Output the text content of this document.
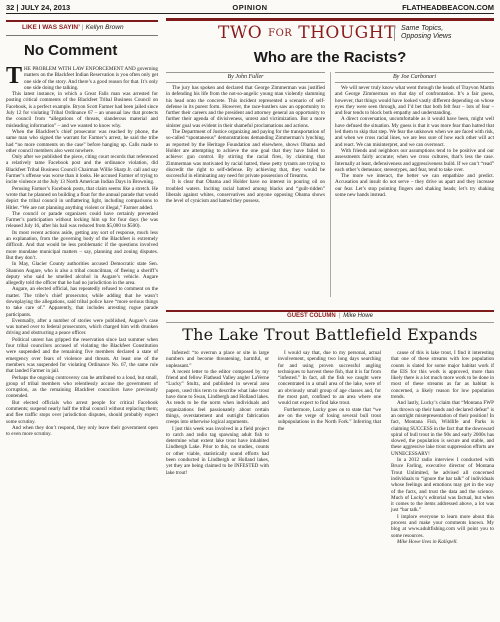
32 | JULY 24, 2013	OPINION	FLATHEADBEACON.COM
LIKE I WAS SAYIN’ | Kellyn Brown
No Comment

THE PROBLEM WITH LAW ENFORCEMENT AND governing matters on the Blackfeet Indian Reservation is you often only get one side of the story. And there’s a good reason for that. It’s only one side doing the talking.

This latest instance, in which a Great Falls man was arrested for posting critical comments of the Blackfeet Tribal Business Council on Facebook, is a perfect example. Bryon Scott Farmer had been jailed since July 12 for violating Tribal Ordinance 67 – an unusual law that protects the council from “allegations of threats, slanderous material and misleading information” – and we wanted to know why.

When the Blackfeet’s chief prosecutor was reached by phone, the same man who signed the warrant for Farmer’s arrest, he said the tribe had “no more comments on the case” before hanging up. Calls made to other council members also went nowhere.

Only after we published the piece, citing court records that referenced a relatively tame Facebook post and the ordinance violation, did Blackfeet Tribal Business Council Chairman Willie Sharp Jr. call and say Farmer’s offense was worse than it looks. He accused Farmer of trying to incite violence at the July 13 North American Indian Days in Browning.

Perusing Farmer’s Facebook posts, that claim seems like a stretch. He wrote that he planned on building a float for the annual parade that would depict the tribal council in unflattering light, including comparisons to Hitler. “We are not planning anything violent or illegal,” Farmer added.

The council or parade organizers could have certainly prevented Farmer’s participation without locking him up for four days (he was released July 16, after his bail was reduced from $5,000 to $500).

Its most recent actions aside, getting any sort of response, much less an explanation, from the governing body of the Blackfeet is extremely difficult. And that would be less problematic if the questions involved more mundane municipal matters – say, planning and zoning disputes. But they don’t.

In May, Glacier County authorities accused Democratic state Sen. Shannon Augare, who is also a tribal councilman, of fleeing a sheriff’s deputy who said he smelled alcohol in Augare’s vehicle. Augare allegedly told the officer that he had no jurisdiction in the area.

Augare, an elected official, has repeatedly refused to comment on the matter. The tribe’s chief prosecutor, while adding that he wasn’t downplaying the allegations, said tribal police have “more serious things to take care of.” Apparently, that includes arresting rogue parade participants.

Eventually, after a number of stories were published, Augare’s case was turned over to federal prosecutors, which charged him with drunken driving and obstructing a peace officer.

Political unrest has gripped the reservation since last summer when four tribal councilors accused of violating the Blackfeet Constitution were suspended and the remaining five members declared a state of emergency over fears of violence and threats. At least one of the members was suspended for violating Ordinance No. 67, the same rule that landed Farmer in jail.

Perhaps the ongoing controversy can be attributed to a loud, but small, group of tribal members who relentlessly accuse the government of corruption, as the remaining Blackfeet councilors have previously contended.

But elected officials who arrest people for critical Facebook comments; suspend nearly half the tribal council without replacing them; and flee traffic stops over jurisdiction disputes, should probably expect some scrutiny.

And when they don’t respond, they only leave their government open to even more scrutiny.

TWO FOR THOUGHT Same Topics,
Opposing Views
Who are the Racists?
By John Fuller	By Joe Carbonari

The jury has spoken and declared that George Zimmerman was justified in defending his life from the not-so-angelic young man violently slamming his head onto the concrete. This incident represented a scenario of self-defense in its purest form. However, the race-hustlers saw an opportunity to further their careers and the president and attorney general an opportunity to further their agenda of divisiveness, unrest and victimization. But a more sinister goal was evident in their shameful proclamations and actions.

The Department of Justice organizing and paying for the transportation of so-called “spontaneous” demonstrations demanding Zimmerman’s lynching, as reported by the Heritage Foundation and elsewhere, shows Obama and Holder are attempting to achieve the one goal that they have failed to achieve: gun control. By stirring the racial fires, by claiming that Zimmerman was motivated by racial hatred, these petty tyrants are trying to discredit the right to self-defense. By achieving that, they would be successful in eliminating any need for private possession of firearms.

It is clear that Obama and Holder have no interest in pouring oil on troubled waters. Inciting racial hatred among blacks and “guilt-ridden” liberals against whites, conservatives and anyone opposing Obama shows the level of cynicism and hatred they possess.

We will never truly know what went through the heads of Trayvon Martin and George Zimmerman on that day of confrontation. It’s a fair guess, however, that things would have looked vastly different depending on whose eyes they were seen through, and I’d bet that both felt fear – lots of fear – and fear tends to block both empathy and understanding.

A direct conversation, uncomfortable as it would have been, might well have defused the situation. My guess is that it was more fear than hatred that led them to skip that step. We fear the unknown when we are faced with risk, and when we cross racial lines, we are less sure of how each other will act and react. We can misinterpret, and we can overreact.

With friends and neighbors our assumptions tend to be positive and our assessments fairly accurate; when we cross cultures, that’s less the case. Internally at least, defensiveness and aggressiveness build. If we can’t “read” each other’s demeanor, stereotypes, and fear, tend to take over.

The more we interact, the better we can empathize and predict. Accusation and insult do not serve – they drive us apart and they increase our fear. Let’s stop pointing fingers and shaking heads; let’s try shaking some new hands instead.

GUEST COLUMN | Mike Howe
The Lake Trout Battlefield Expands

Infested: “to overrun a place or site in large numbers and become threatening, harmful, or unpleasant.”

A recent letter to the editor composed by my friend and fellow Flathead Valley angler LaVerne “Lucky” Stultz, and published in several area papers, used this term to describe what lake trout have done to Swan, Lindbergh and Holland lakes. As tends to be the norm when individuals and organizations feel passionately about certain things, overstatement and outright fabrication creeps into otherwise logical arguments.

I just this week was involved in a field project to catch and radio tag spawning adult fish to determine what extent lake trout have inhabited Lindbergh Lake. Prior to this, no studies, counts or other viable, statistically sound efforts had been conducted in Lindbergh or Holland lakes, yet they are being claimed to be INFESTED with lake trout!

I would say that, due to my personal, actual involvement, spending two long days searching for and using proven successful angling techniques to harvest these fish, that it is far from “infested.” In fact, all the fish we caught were concentrated in a small area of the lake, were of an obviously small group of age classes and, for the most part, confined to an area where one would not expect to find lake trout.

Furthermore, Lucky goes on to state that “we are on the verge of losing several bull trout subpopulations in the North Fork.” Inferring that the

cause of this is lake trout, I find it interesting that one of these streams with low population counts is slated for some major habitat work if the EIS for this work is approved, more than likely there is a lot much more work to be done in most of these streams as far as habitat is concerned, a likely reason for low population trends.

And lastly, Lucky’s claim that “Montana FWP has thrown up their hands and declared defeat” is an outright misrepresentation of their position! In fact, Montana Fish, Wildlife and Parks is claiming SUCCESS in the fact that the downward spiral of bull trout in the 90s and early 2000s has slowed, the population is secure and stable, and these aggressive lake trout suppression efforts are UNNECESSARY!

In a 2012 radio interview I conducted with Bruce Farling, executive director of Montana Trout Unlimited, he advised all concerned individuals to “ignore the bar talk” of individuals whose feelings and emotions may get in the way of the facts, and trust the data and the science. Much of Lucky’s editorial was factual, but when it comes to the items addressed above, a lot was just “bar talk.”

I implore everyone to learn more about this process and make your comments known. My blog at www.adultfishing.com will point you to some resources.

Mike Howe lives in Kalispell.
